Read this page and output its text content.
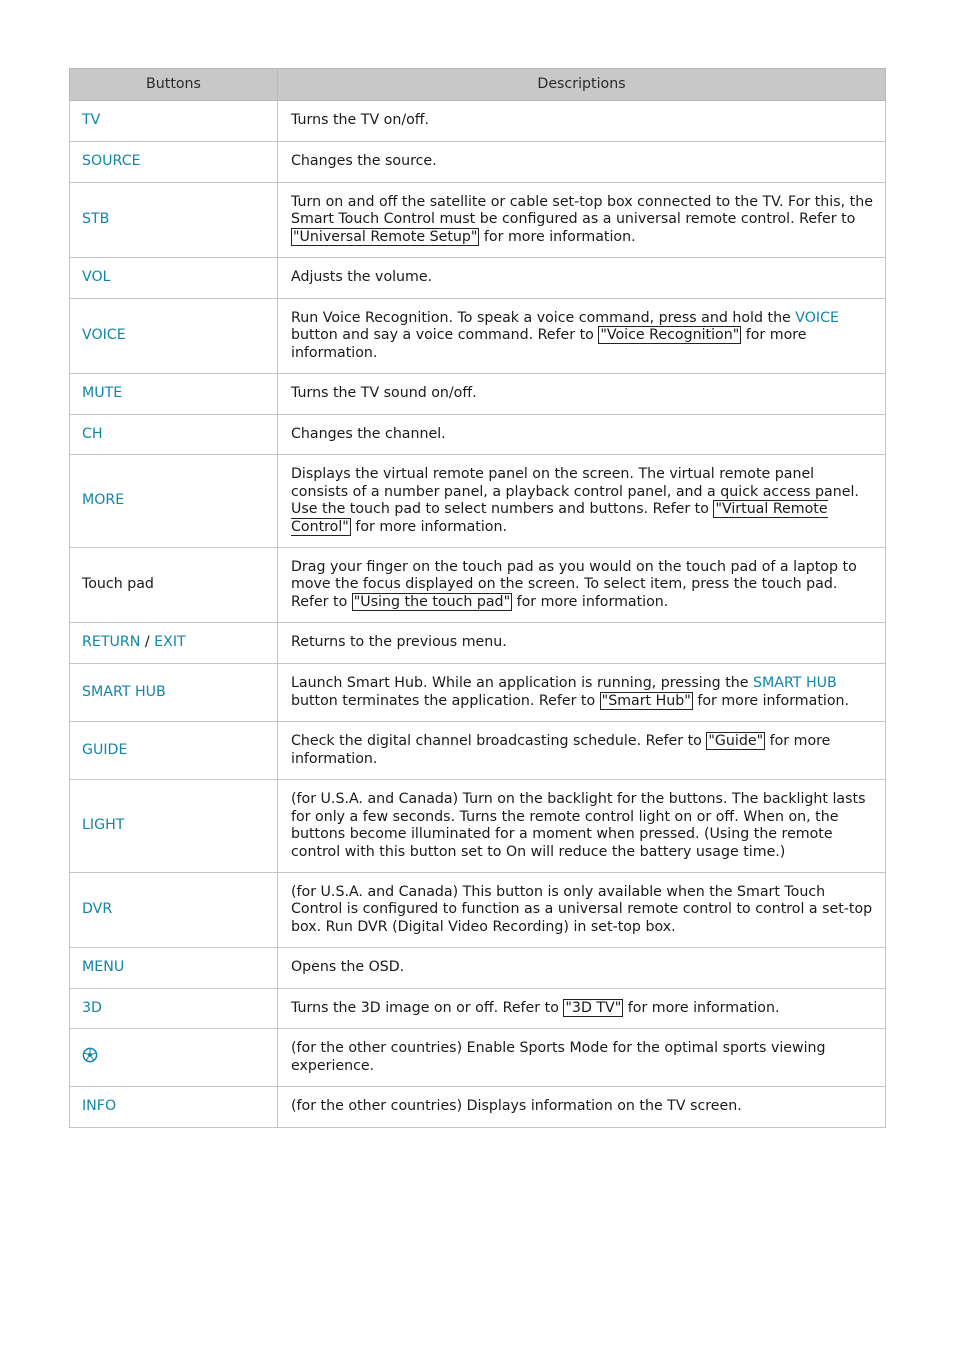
Buttons	Descriptions
TV	Turns the TV on/off.
SOURCE	Changes the source.
STB	Turn on and off the satellite or cable set-top box connected to the TV. For this, the Smart Touch Control must be configured as a universal remote control. Refer to "Universal Remote Setup" for more information.
VOL	Adjusts the volume.
VOICE	Run Voice Recognition. To speak a voice command, press and hold the VOICE button and say a voice command. Refer to "Voice Recognition" for more information.
MUTE	Turns the TV sound on/off.
CH	Changes the channel.
MORE	Displays the virtual remote panel on the screen. The virtual remote panel consists of a number panel, a playback control panel, and a quick access panel. Use the touch pad to select numbers and buttons. Refer to "Virtual Remote Control" for more information.
Touch pad	Drag your finger on the touch pad as you would on the touch pad of a laptop to move the focus displayed on the screen. To select item, press the touch pad. Refer to "Using the touch pad" for more information.
RETURN / EXIT	Returns to the previous menu.
SMART HUB	Launch Smart Hub. While an application is running, pressing the SMART HUB button terminates the application. Refer to "Smart Hub" for more information.
GUIDE	Check the digital channel broadcasting schedule. Refer to "Guide" for more information.
LIGHT	(for U.S.A. and Canada) Turn on the backlight for the buttons. The backlight lasts for only a few seconds. Turns the remote control light on or off. When on, the buttons become illuminated for a moment when pressed. (Using the remote control with this button set to On will reduce the battery usage time.)
DVR	(for U.S.A. and Canada) This button is only available when the Smart Touch Control is configured to function as a universal remote control to control a set-top box. Run DVR (Digital Video Recording) in set-top box.
MENU	Opens the OSD.
3D	Turns the 3D image on or off. Refer to "3D TV" for more information.
	(for the other countries) Enable Sports Mode for the optimal sports viewing experience.
INFO	(for the other countries) Displays information on the TV screen.
